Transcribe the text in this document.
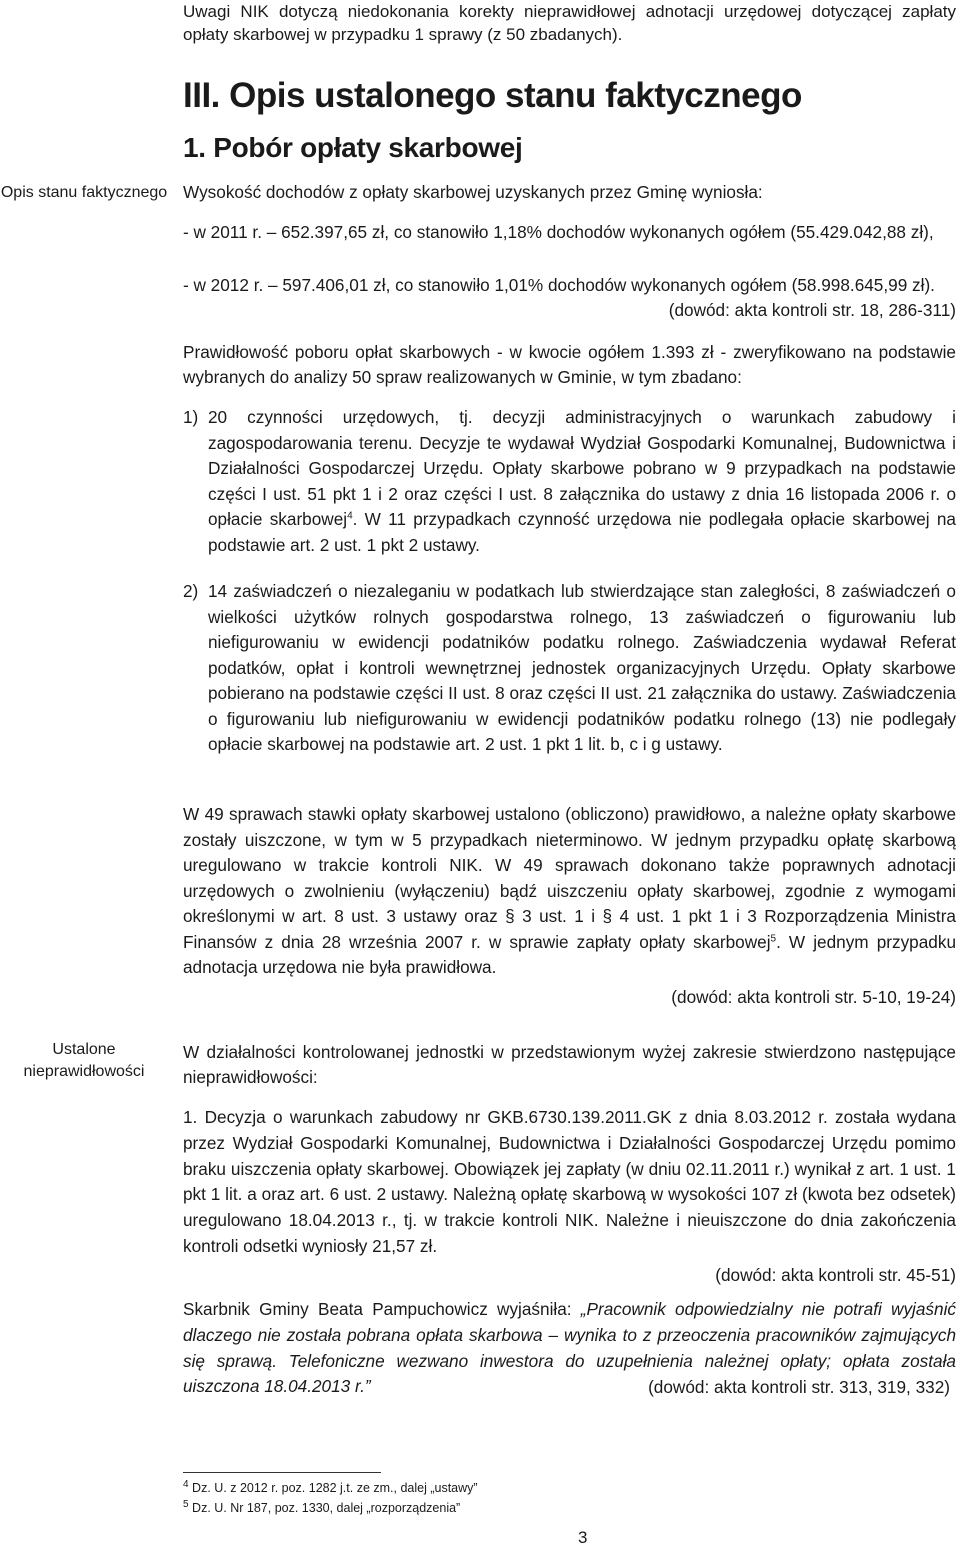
Uwagi NIK dotyczą niedokonania korekty nieprawidłowej adnotacji urzędowej dotyczącej zapłaty opłaty skarbowej w przypadku 1 sprawy (z 50 zbadanych).
Opis stanu faktycznego
Ustalone nieprawidłowości
III. Opis ustalonego stanu faktycznego
1. Pobór opłaty skarbowej
Wysokość dochodów z opłaty skarbowej uzyskanych przez Gminę wyniosła:
- w 2011 r. – 652.397,65 zł, co stanowiło 1,18% dochodów wykonanych ogółem (55.429.042,88 zł),
- w 2012 r. – 597.406,01 zł, co stanowiło 1,01% dochodów wykonanych ogółem (58.998.645,99 zł).
(dowód: akta kontroli str. 18, 286-311)
Prawidłowość poboru opłat skarbowych - w kwocie ogółem 1.393 zł - zweryfikowano na podstawie wybranych do analizy 50 spraw realizowanych w Gminie, w tym zbadano:
1) 20 czynności urzędowych, tj. decyzji administracyjnych o warunkach zabudowy i zagospodarowania terenu. Decyzje te wydawał Wydział Gospodarki Komunalnej, Budownictwa i Działalności Gospodarczej Urzędu. Opłaty skarbowe pobrano w 9 przypadkach na podstawie części I ust. 51 pkt 1 i 2 oraz części I ust. 8 załącznika do ustawy z dnia 16 listopada 2006 r. o opłacie skarbowej$^4$. W 11 przypadkach czynność urzędowa nie podlegała opłacie skarbowej na podstawie art. 2 ust. 1 pkt 2 ustawy.
2) 14 zaświadczeń o niezaleganiu w podatkach lub stwierdzające stan zaległości, 8 zaświadczeń o wielkości użytków rolnych gospodarstwa rolnego, 13 zaświadczeń o figurowaniu lub niefigurowaniu w ewidencji podatników podatku rolnego. Zaświadczenia wydawał Referat podatków, opłat i kontroli wewnętrznej jednostek organizacyjnych Urzędu. Opłaty skarbowe pobierano na podstawie części II ust. 8 oraz części II ust. 21 załącznika do ustawy. Zaświadczenia o figurowaniu lub niefigurowaniu w ewidencji podatników podatku rolnego (13) nie podlegały opłacie skarbowej na podstawie art. 2 ust. 1 pkt 1 lit. b, c i g ustawy.
W 49 sprawach stawki opłaty skarbowej ustalono (obliczono) prawidłowo, a należne opłaty skarbowe zostały uiszczone, w tym w 5 przypadkach nieterminowo. W jednym przypadku opłatę skarbową uregulowano w trakcie kontroli NIK. W 49 sprawach dokonano także poprawnych adnotacji urzędowych o zwolnieniu (wyłączeniu) bądź uiszczeniu opłaty skarbowej, zgodnie z wymogami określonymi w art. 8 ust. 3 ustawy oraz § 3 ust. 1 i § 4 ust. 1 pkt 1 i 3 Rozporządzenia Ministra Finansów z dnia 28 września 2007 r. w sprawie zapłaty opłaty skarbowej$^5$. W jednym przypadku adnotacja urzędowa nie była prawidłowa.
(dowód: akta kontroli str. 5-10, 19-24)
W działalności kontrolowanej jednostki w przedstawionym wyżej zakresie stwierdzono następujące nieprawidłowości:
1. Decyzja o warunkach zabudowy nr GKB.6730.139.2011.GK z dnia 8.03.2012 r. została wydana przez Wydział Gospodarki Komunalnej, Budownictwa i Działalności Gospodarczej Urzędu pomimo braku uiszczenia opłaty skarbowej. Obowiązek jej zapłaty (w dniu 02.11.2011 r.) wynikał z art. 1 ust. 1 pkt 1 lit. a oraz art. 6 ust. 2 ustawy. Należną opłatę skarbową w wysokości 107 zł (kwota bez odsetek) uregulowano 18.04.2013 r., tj. w trakcie kontroli NIK. Należne i nieuiszczone do dnia zakończenia kontroli odsetki wyniosły 21,57 zł.
(dowód: akta kontroli str. 45-51)
Skarbnik Gminy Beata Pampuchowicz wyjaśniła: „Pracownik odpowiedzialny nie potrafi wyjaśnić dlaczego nie została pobrana opłata skarbowa – wynika to z przeoczenia pracowników zajmujących się sprawą. Telefoniczne wezwano inwestora do uzupełnienia należnej opłaty; opłata została uiszczona 18.04.2013 r.”	(dowód: akta kontroli str. 313, 319, 332)
$^4$ Dz. U. z 2012 r. poz. 1282 j.t. ze zm., dalej „ustawy”
$^5$ Dz. U. Nr 187, poz. 1330, dalej „rozporządzenia”
3
